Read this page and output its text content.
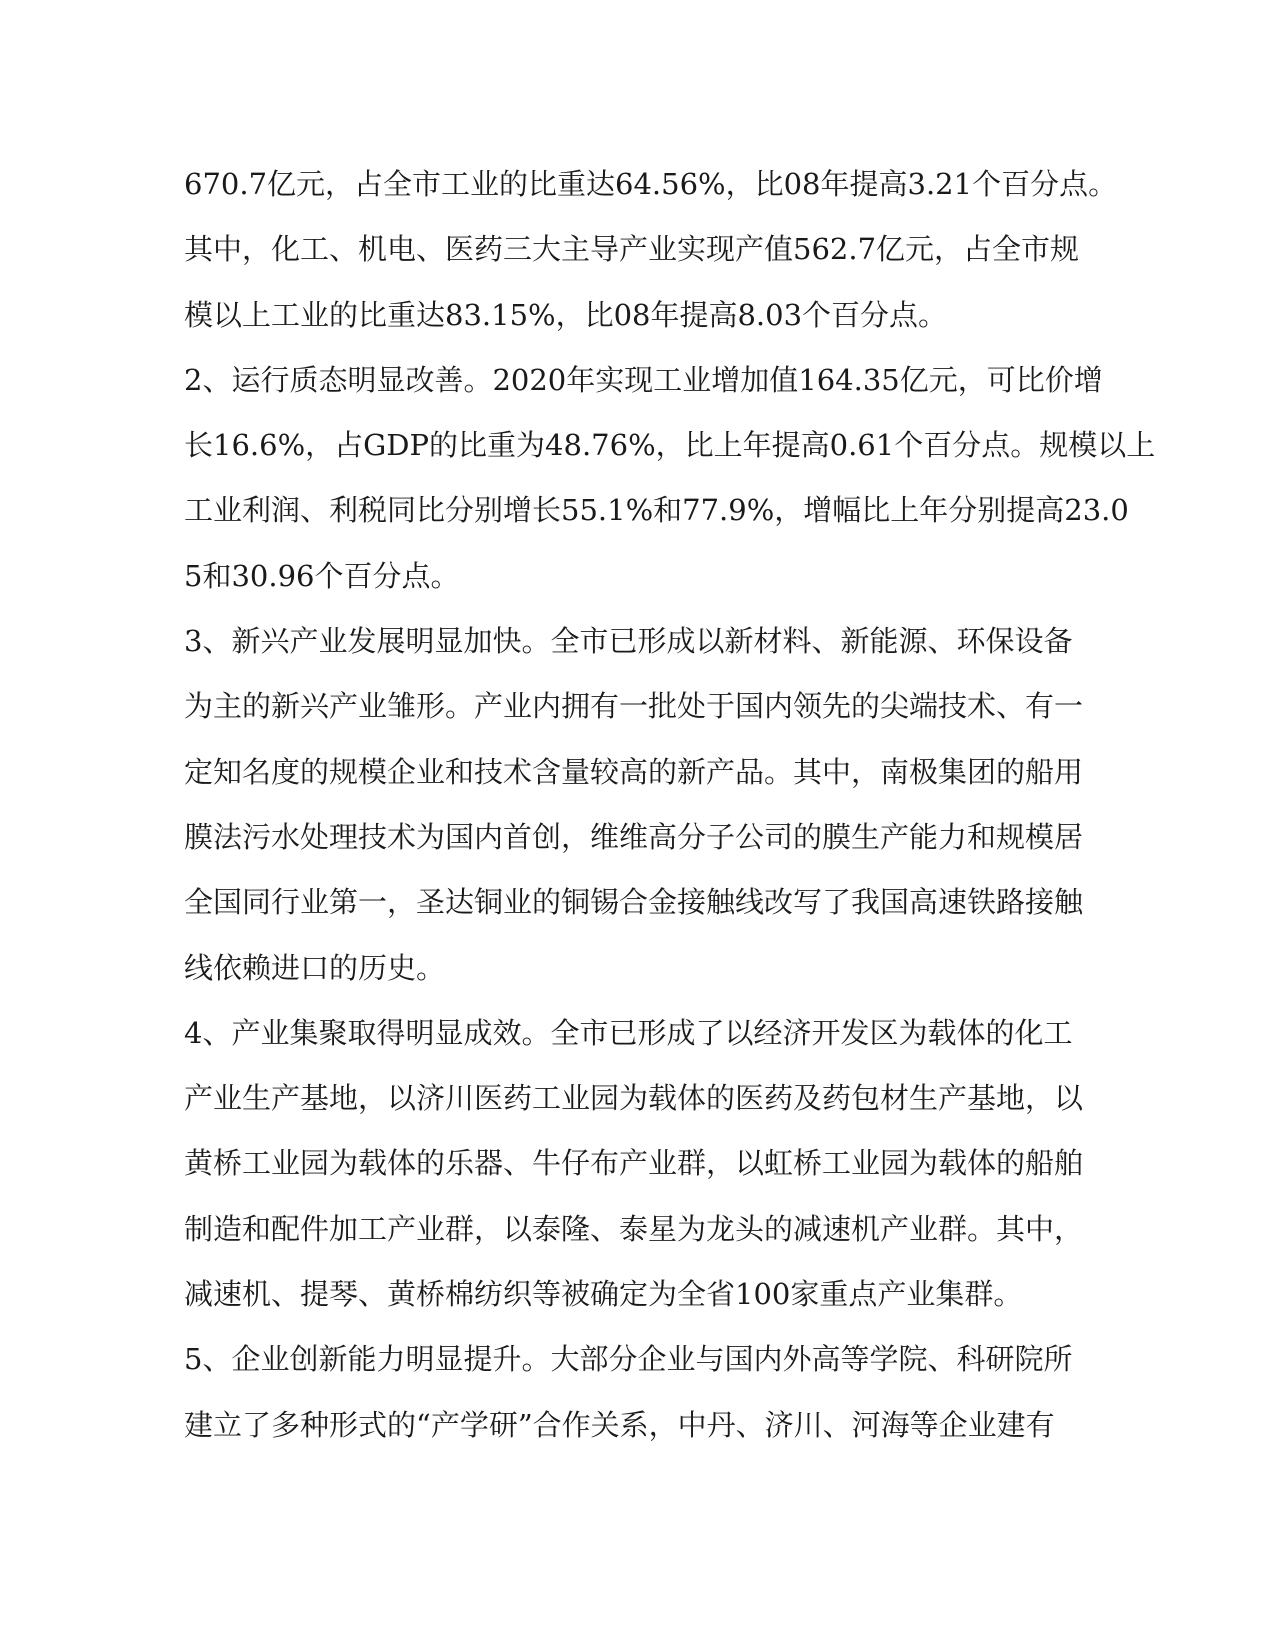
670.7亿元，占全市工业的比重达64.56%，比08年提高3.21个百分点。
其中，化工、机电、医药三大主导产业实现产值562.7亿元，占全市规
模以上工业的比重达83.15%，比08年提高8.03个百分点。
2、运行质态明显改善。2020年实现工业增加值164.35亿元，可比价增
长16.6%，占GDP的比重为48.76%，比上年提高0.61个百分点。规模以上
工业利润、利税同比分别增长55.1%和77.9%，增幅比上年分别提高23.0
5和30.96个百分点。
3、新兴产业发展明显加快。全市已形成以新材料、新能源、环保设备
为主的新兴产业雏形。产业内拥有一批处于国内领先的尖端技术、有一
定知名度的规模企业和技术含量较高的新产品。其中，南极集团的船用
膜法污水处理技术为国内首创，维维高分子公司的膜生产能力和规模居
全国同行业第一，圣达铜业的铜锡合金接触线改写了我国高速铁路接触
线依赖进口的历史。
4、产业集聚取得明显成效。全市已形成了以经济开发区为载体的化工
产业生产基地，以济川医药工业园为载体的医药及药包材生产基地，以
黄桥工业园为载体的乐器、牛仔布产业群，以虹桥工业园为载体的船舶
制造和配件加工产业群，以泰隆、泰星为龙头的减速机产业群。其中，
减速机、提琴、黄桥棉纺织等被确定为全省100家重点产业集群。
5、企业创新能力明显提升。大部分企业与国内外高等学院、科研院所
建立了多种形式的“产学研”合作关系，中丹、济川、河海等企业建有
